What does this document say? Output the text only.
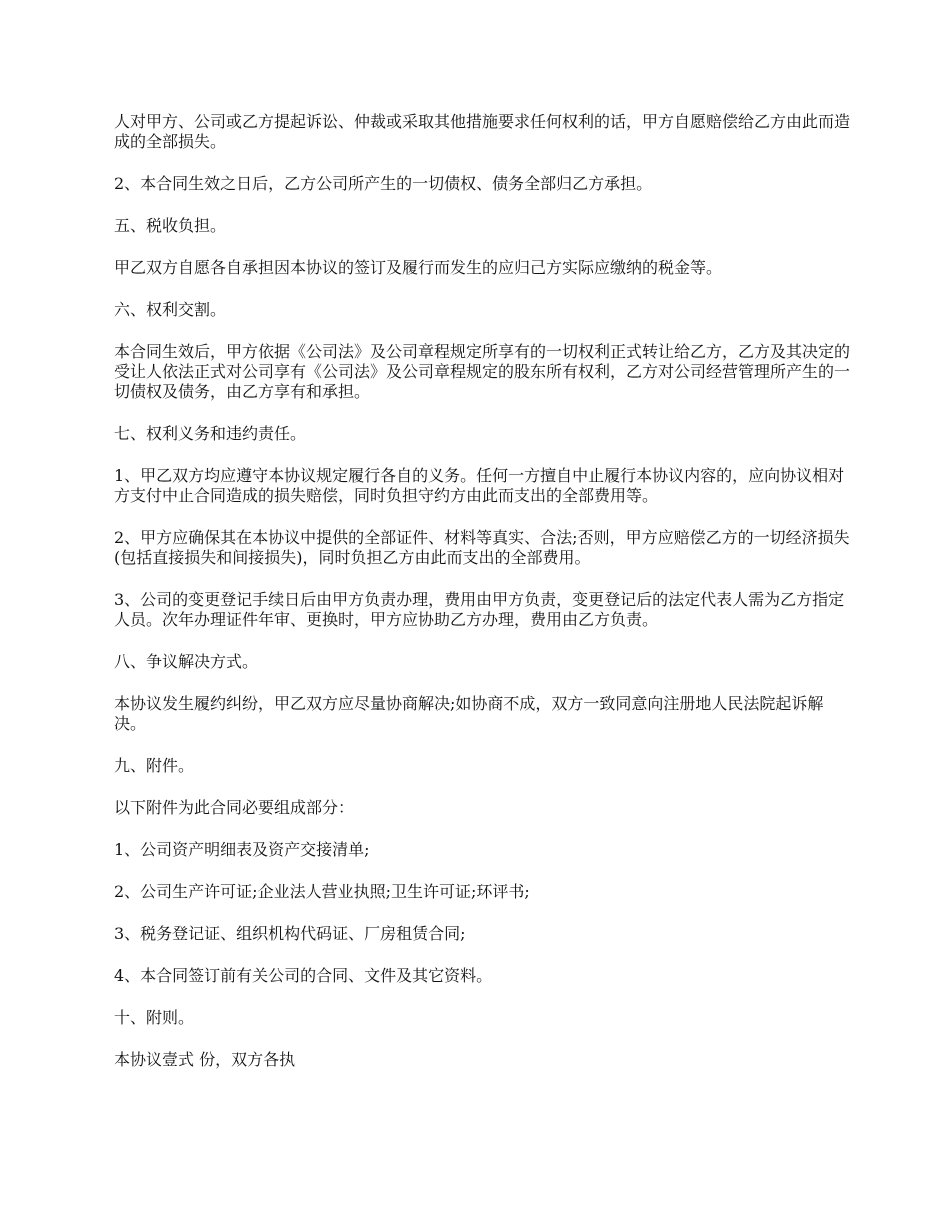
人对甲方、公司或乙方提起诉讼、仲裁或采取其他措施要求任何权利的话，甲方自愿赔偿给乙方由此而造成的全部损失。

2、本合同生效之日后，乙方公司所产生的一切债权、债务全部归乙方承担。

五、税收负担。

甲乙双方自愿各自承担因本协议的签订及履行而发生的应归己方实际应缴纳的税金等。

六、权利交割。

本合同生效后，甲方依据《公司法》及公司章程规定所享有的一切权利正式转让给乙方，乙方及其决定的受让人依法正式对公司享有《公司法》及公司章程规定的股东所有权利，乙方对公司经营管理所产生的一切债权及债务，由乙方享有和承担。

七、权利义务和违约责任。

1、甲乙双方均应遵守本协议规定履行各自的义务。任何一方擅自中止履行本协议内容的，应向协议相对方支付中止合同造成的损失赔偿，同时负担守约方由此而支出的全部费用等。

2、甲方应确保其在本协议中提供的全部证件、材料等真实、合法;否则，甲方应赔偿乙方的一切经济损失(包括直接损失和间接损失)，同时负担乙方由此而支出的全部费用。

3、公司的变更登记手续日后由甲方负责办理，费用由甲方负责，变更登记后的法定代表人需为乙方指定人员。次年办理证件年审、更换时，甲方应协助乙方办理，费用由乙方负责。

八、争议解决方式。

本协议发生履约纠纷，甲乙双方应尽量协商解决;如协商不成，双方一致同意向注册地人民法院起诉解决。

九、附件。

以下附件为此合同必要组成部分：

1、公司资产明细表及资产交接清单;

2、公司生产许可证;企业法人营业执照;卫生许可证;环评书;

3、税务登记证、组织机构代码证、厂房租赁合同;

4、本合同签订前有关公司的合同、文件及其它资料。

十、附则。

本协议壹式 份，双方各执
